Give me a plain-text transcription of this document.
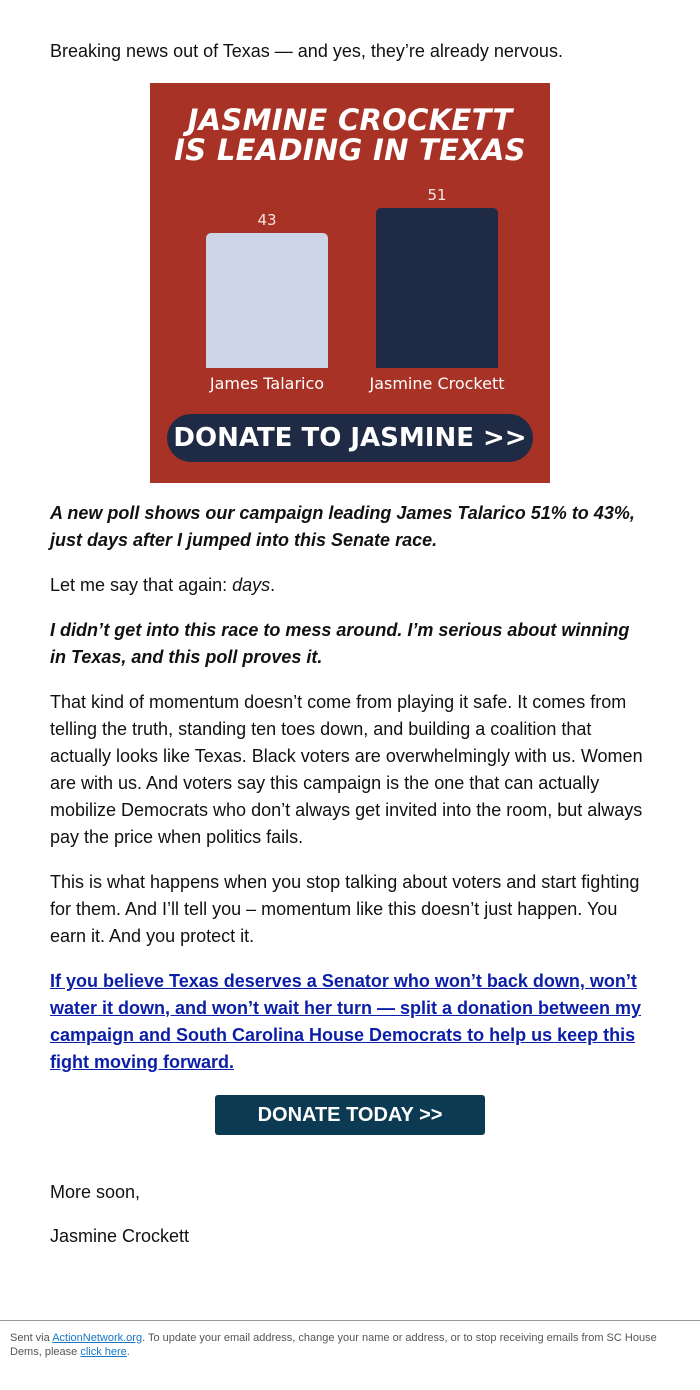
Breaking news out of Texas — and yes, they’re already nervous.

JASMINE CROCKETT
IS LEADING IN TEXAS
DONATE TO JASMINE >>
43
James Talarico
51
Jasmine Crockett

A new poll shows our campaign leading James Talarico 51% to 43%, just days after I jumped into this Senate race.

Let me say that again: days.

I didn’t get into this race to mess around. I’m serious about winning in Texas, and this poll proves it.

That kind of momentum doesn’t come from playing it safe. It comes from telling the truth, standing ten toes down, and building a coalition that actually looks like Texas. Black voters are overwhelmingly with us. Women are with us. And voters say this campaign is the one that can actually mobilize Democrats who don’t always get invited into the room, but always pay the price when politics fails.

This is what happens when you stop talking about voters and start fighting for them. And I’ll tell you – momentum like this doesn’t just happen. You earn it. And you protect it.

If you believe Texas deserves a Senator who won’t back down, won’t water it down, and won’t wait her turn — split a donation between my campaign and South Carolina House Democrats to help us keep this fight moving forward.

DONATE TODAY >>

More soon,

Jasmine Crockett

Sent via ActionNetwork.org. To update your email address, change your name or address, or to stop receiving emails from SC House Dems, please click here.
